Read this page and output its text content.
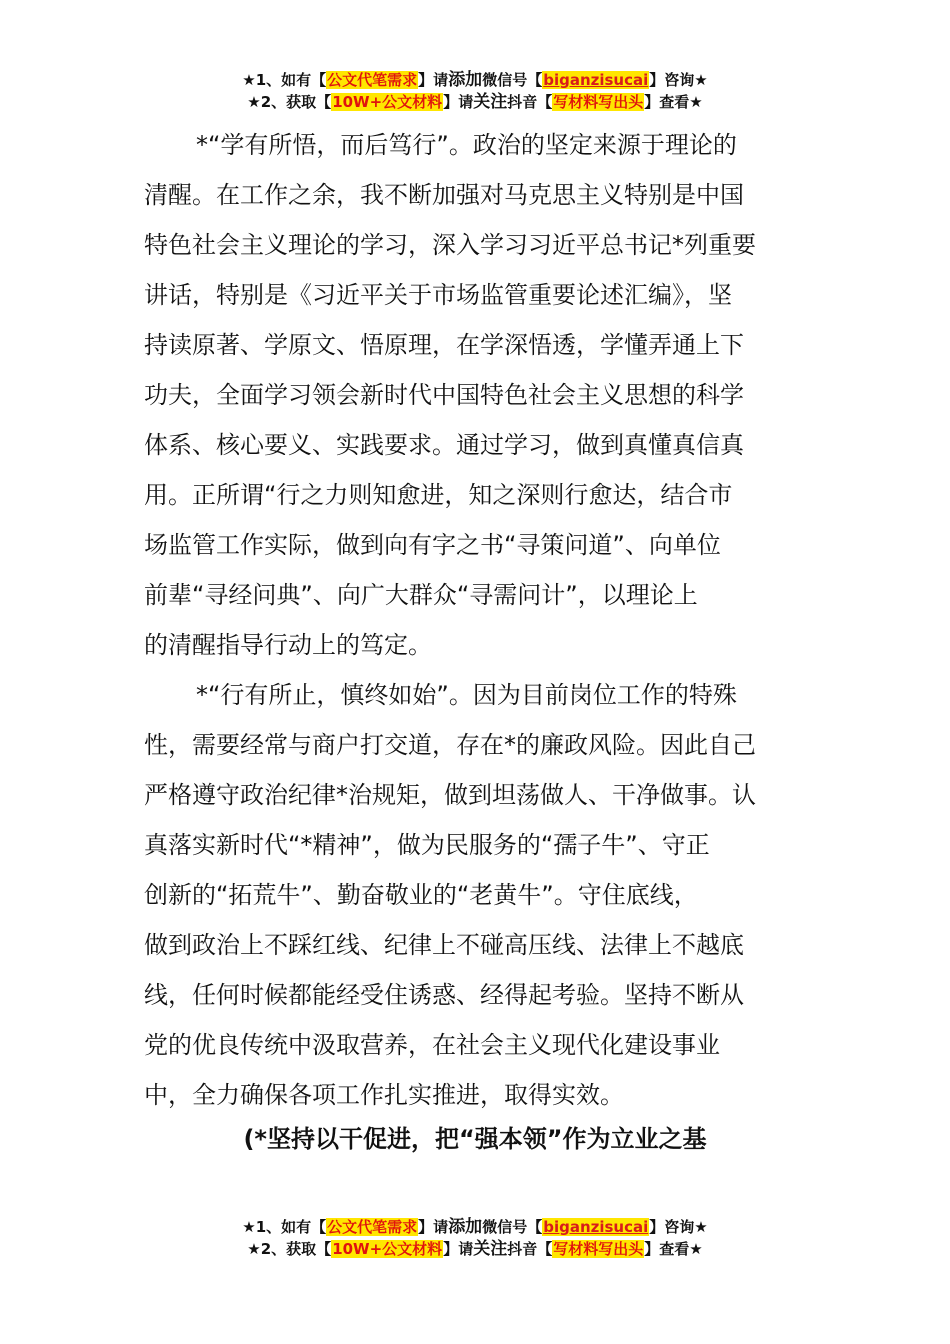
★1、如有【公文代笔需求】请添加微信号【biganzisucai】咨询★
★2、获取【10W+公文材料】请关注抖音【写材料写出头】查看★
*“学有所悟，而后笃行”。政治的坚定来源于理论的
清醒。在工作之余，我不断加强对马克思主义特别是中国
特色社会主义理论的学习，深入学习习近平总书记*列重要
讲话，特别是《习近平关于市场监管重要论述汇编》，坚
持读原著、学原文、悟原理，在学深悟透，学懂弄通上下
功夫，全面学习领会新时代中国特色社会主义思想的科学
体系、核心要义、实践要求。通过学习，做到真懂真信真
用。正所谓“行之力则知愈进，知之深则行愈达，结合市
场监管工作实际，做到向有字之书“寻策问道”、向单位
前辈“寻经问典”、向广大群众“寻需问计”，以理论上
的清醒指导行动上的笃定。
*“行有所止，慎终如始”。因为目前岗位工作的特殊
性，需要经常与商户打交道，存在*的廉政风险。因此自己
严格遵守政治纪律*治规矩，做到坦荡做人、干净做事。认
真落实新时代“*精神”，做为民服务的“孺子牛”、守正
创新的“拓荒牛”、勤奋敬业的“老黄牛”。守住底线，
做到政治上不踩红线、纪律上不碰高压线、法律上不越底
线，任何时候都能经受住诱惑、经得起考验。坚持不断从
党的优良传统中汲取营养，在社会主义现代化建设事业
中，全力确保各项工作扎实推进，取得实效。
(*坚持以干促进，把“强本领”作为立业之基
★1、如有【公文代笔需求】请添加微信号【biganzisucai】咨询★
★2、获取【10W+公文材料】请关注抖音【写材料写出头】查看★
